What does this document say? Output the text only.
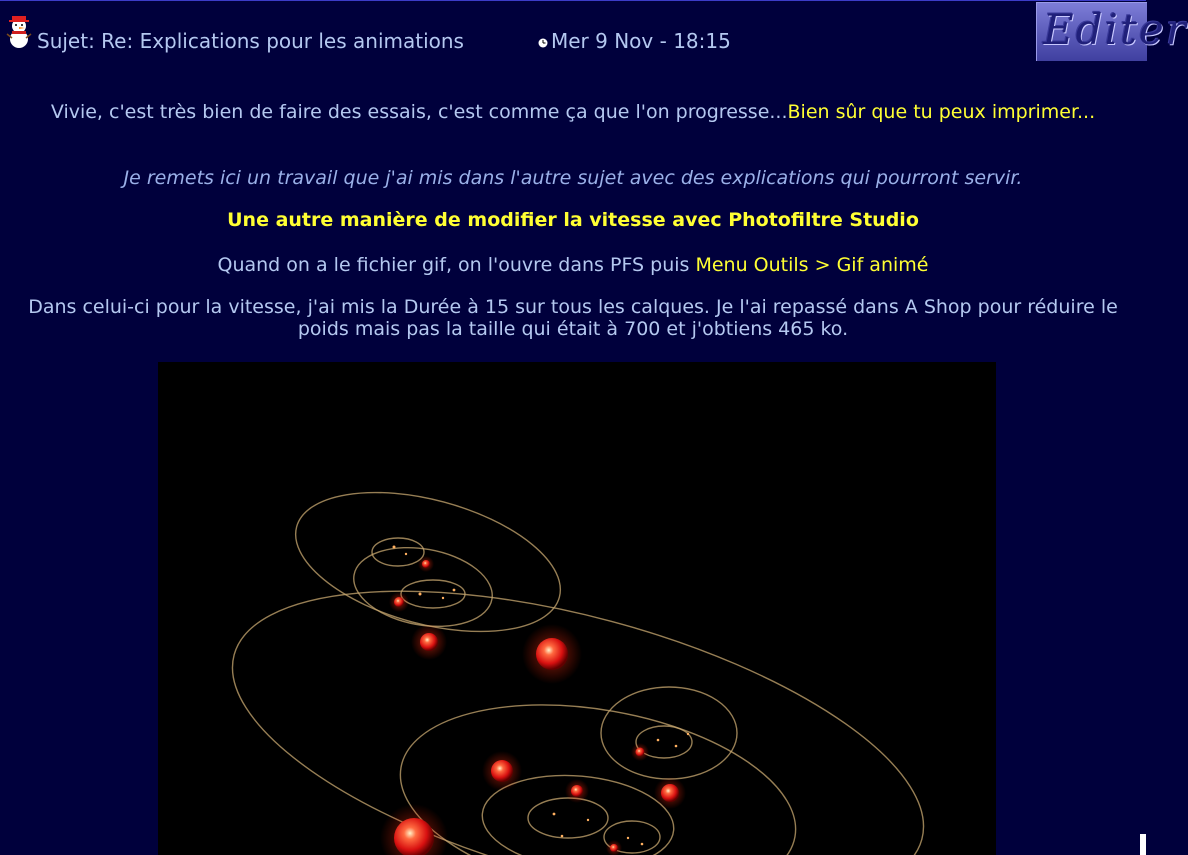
Sujet: Re: Explications pour les animations	Mer 9 Nov - 18:15	Editer
Vivie, c'est très bien de faire des essais, c'est comme ça que l'on progresse...Bien sûr que tu peux imprimer...
Je remets ici un travail que j'ai mis dans l'autre sujet avec des explications qui pourront servir.
Une autre manière de modifier la vitesse avec Photofiltre Studio
Quand on a le fichier gif, on l'ouvre dans PFS puis Menu Outils > Gif animé
Dans celui-ci pour la vitesse, j'ai mis la Durée à 15 sur tous les calques. Je l'ai repassé dans A Shop pour réduire le poids mais pas la taille qui était à 700 et j'obtiens 465 ko.
